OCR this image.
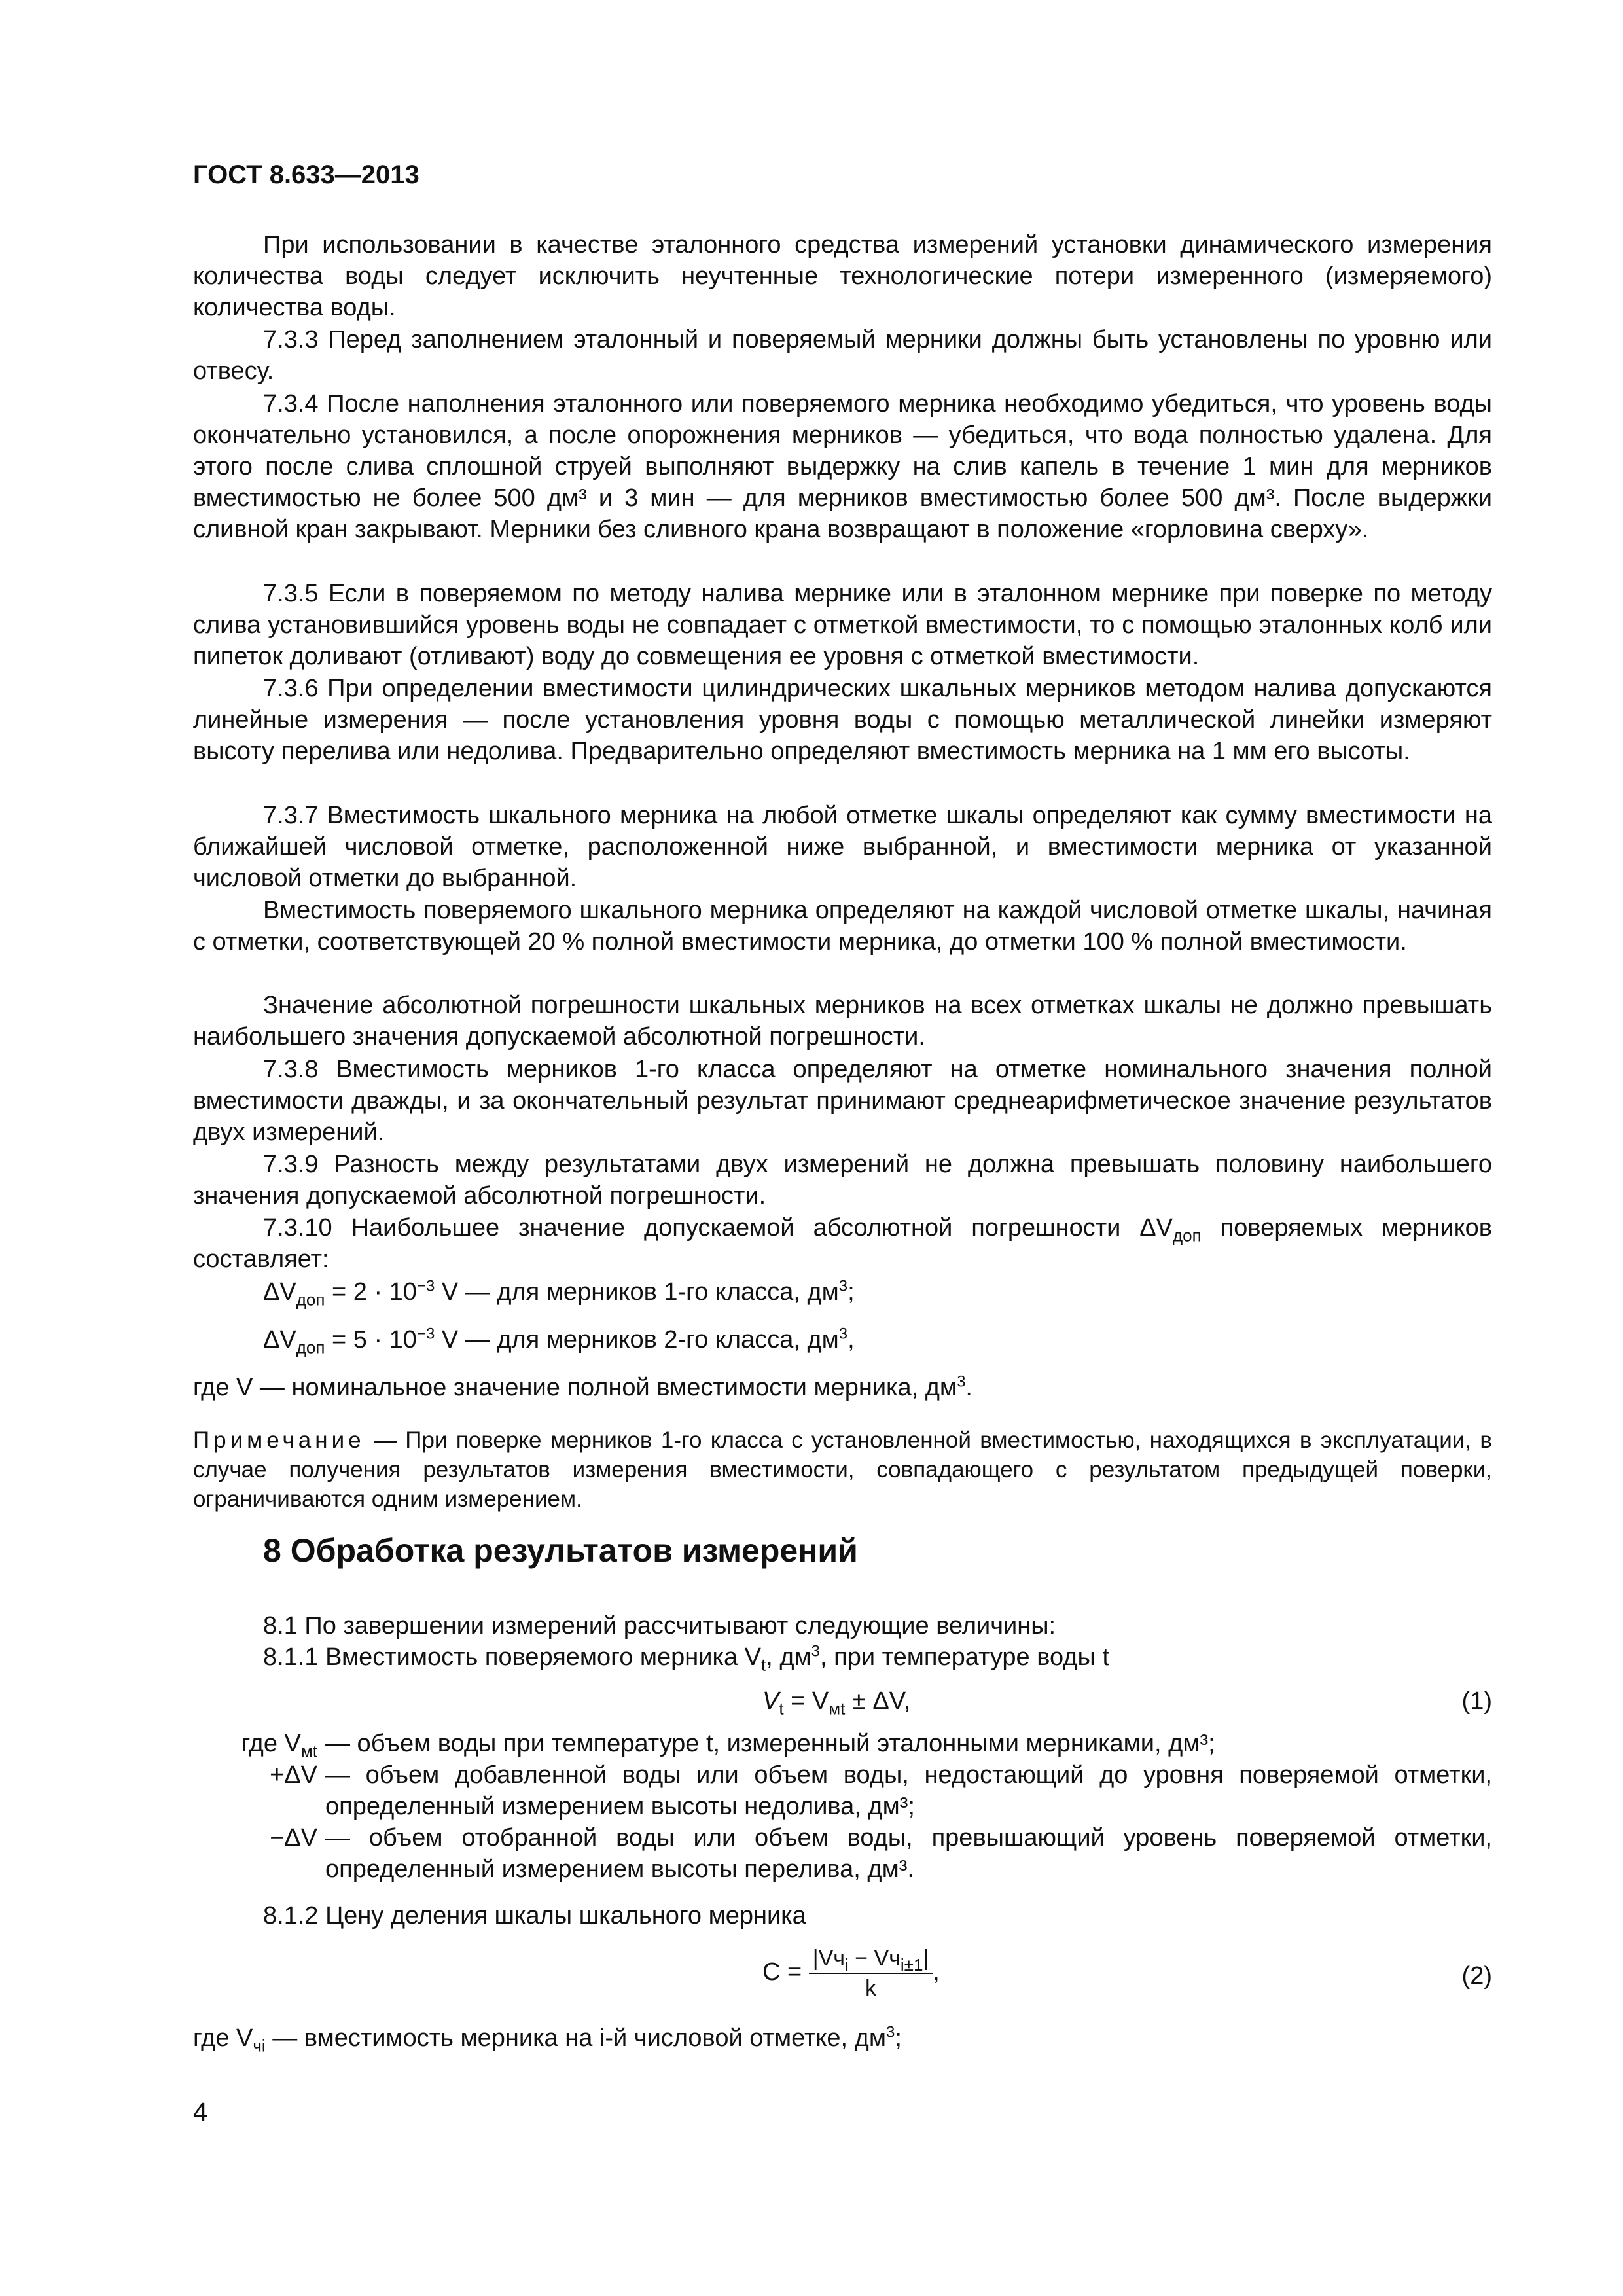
ГОСТ 8.633—2013
При использовании в качестве эталонного средства измерений установки динамического измерения количества воды следует исключить неучтенные технологические потери измеренного (измеряемого) количества воды.
7.3.3 Перед заполнением эталонный и поверяемый мерники должны быть установлены по уровню или отвесу.
7.3.4 После наполнения эталонного или поверяемого мерника необходимо убедиться, что уровень воды окончательно установился, а после опорожнения мерников — убедиться, что вода полностью удалена. Для этого после слива сплошной струей выполняют выдержку на слив капель в течение 1 мин для мерников вместимостью не более 500 дм³ и 3 мин — для мерников вместимостью более 500 дм³. После выдержки сливной кран закрывают. Мерники без сливного крана возвращают в положение «горловина сверху».
7.3.5 Если в поверяемом по методу налива мернике или в эталонном мернике при поверке по методу слива установившийся уровень воды не совпадает с отметкой вместимости, то с помощью эталонных колб или пипеток доливают (отливают) воду до совмещения ее уровня с отметкой вместимости.
7.3.6 При определении вместимости цилиндрических шкальных мерников методом налива допускаются линейные измерения — после установления уровня воды с помощью металлической линейки измеряют высоту перелива или недолива. Предварительно определяют вместимость мерника на 1 мм его высоты.
7.3.7 Вместимость шкального мерника на любой отметке шкалы определяют как сумму вместимости на ближайшей числовой отметке, расположенной ниже выбранной, и вместимости мерника от указанной числовой отметки до выбранной.
Вместимость поверяемого шкального мерника определяют на каждой числовой отметке шкалы, начиная с отметки, соответствующей 20 % полной вместимости мерника, до отметки 100 % полной вместимости.
Значение абсолютной погрешности шкальных мерников на всех отметках шкалы не должно превышать наибольшего значения допускаемой абсолютной погрешности.
7.3.8 Вместимость мерников 1-го класса определяют на отметке номинального значения полной вместимости дважды, и за окончательный результат принимают среднеарифметическое значение результатов двух измерений.
7.3.9 Разность между результатами двух измерений не должна превышать половину наибольшего значения допускаемой абсолютной погрешности.
7.3.10 Наибольшее значение допускаемой абсолютной погрешности $\Delta V_{доп}$ поверяемых мерников составляет:
$\Delta V_{доп} = 2 \cdot 10^{-3}$ V — для мерников 1-го класса, $дм^3$;
$\Delta V_{доп} = 5 \cdot 10^{-3}$ V — для мерников 2-го класса, $дм^3$,
где V — номинальное значение полной вместимости мерника, $дм^3$.
Примечание — При поверке мерников 1-го класса с установленной вместимостью, находящихся в эксплуатации, в случае получения результатов измерения вместимости, совпадающего с результатом предыдущей поверки, ограничиваются одним измерением.
8 Обработка результатов измерений
8.1 По завершении измерений рассчитывают следующие величины:
8.1.1 Вместимость поверяемого мерника $V_t$, $дм^3$, при температуре воды t
$V_t = V_{мt} \pm \Delta V$,	(1)
где $V_{мt}$ — объем воды при температуре t, измеренный эталонными мерниками, дм³;
+ΔV — объем добавленной воды или объем воды, недостающий до уровня поверяемой отметки, определенный измерением высоты недолива, дм³;
−ΔV — объем отобранной воды или объем воды, превышающий уровень поверяемой отметки, определенный измерением высоты перелива, дм³.
8.1.2 Цену деления шкалы шкального мерника
$C = \frac{|Vч_i - Vч_{i\pm 1}|}{k}$ ,	(2)
где $V_{чi}$ — вместимость мерника на i-й числовой отметке, $дм^3$;
4
